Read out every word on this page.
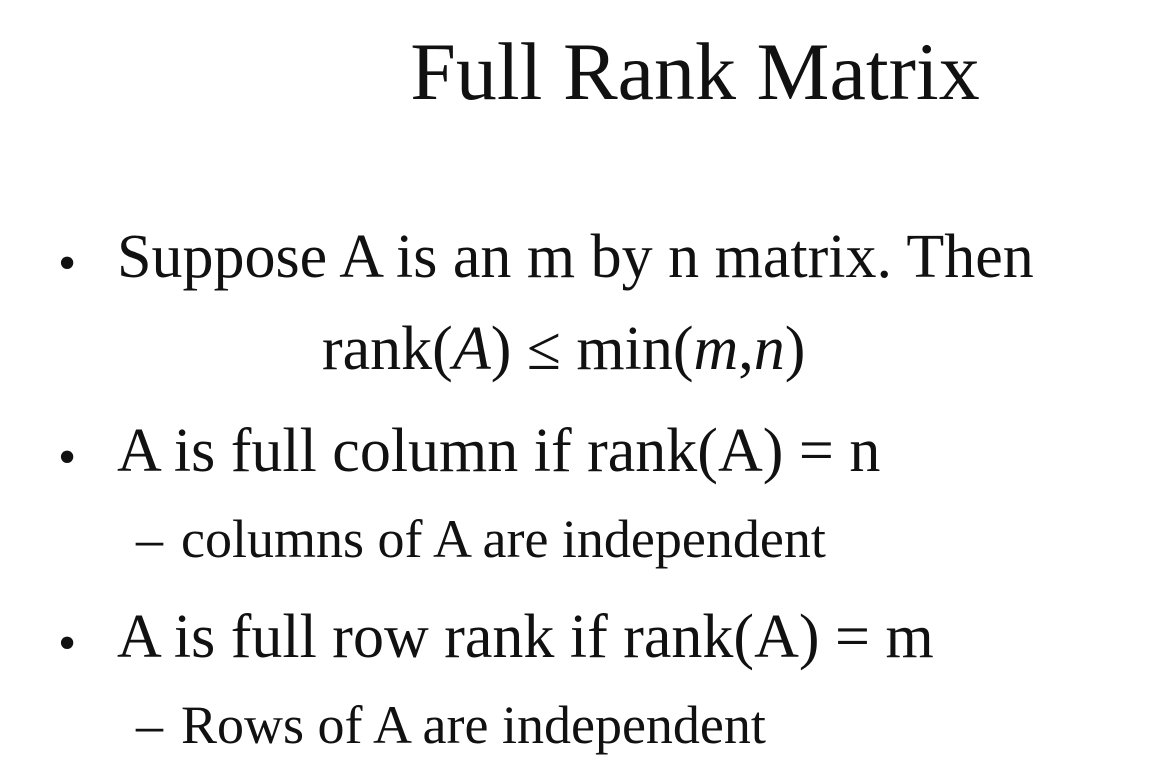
Full Rank Matrix
• Suppose A is an m by n matrix. Then
rank(A) ≤ min(m,n)
• A is full column if rank(A) = n
– columns of A are independent
• A is full row rank if rank(A) = m
– Rows of A are independent
